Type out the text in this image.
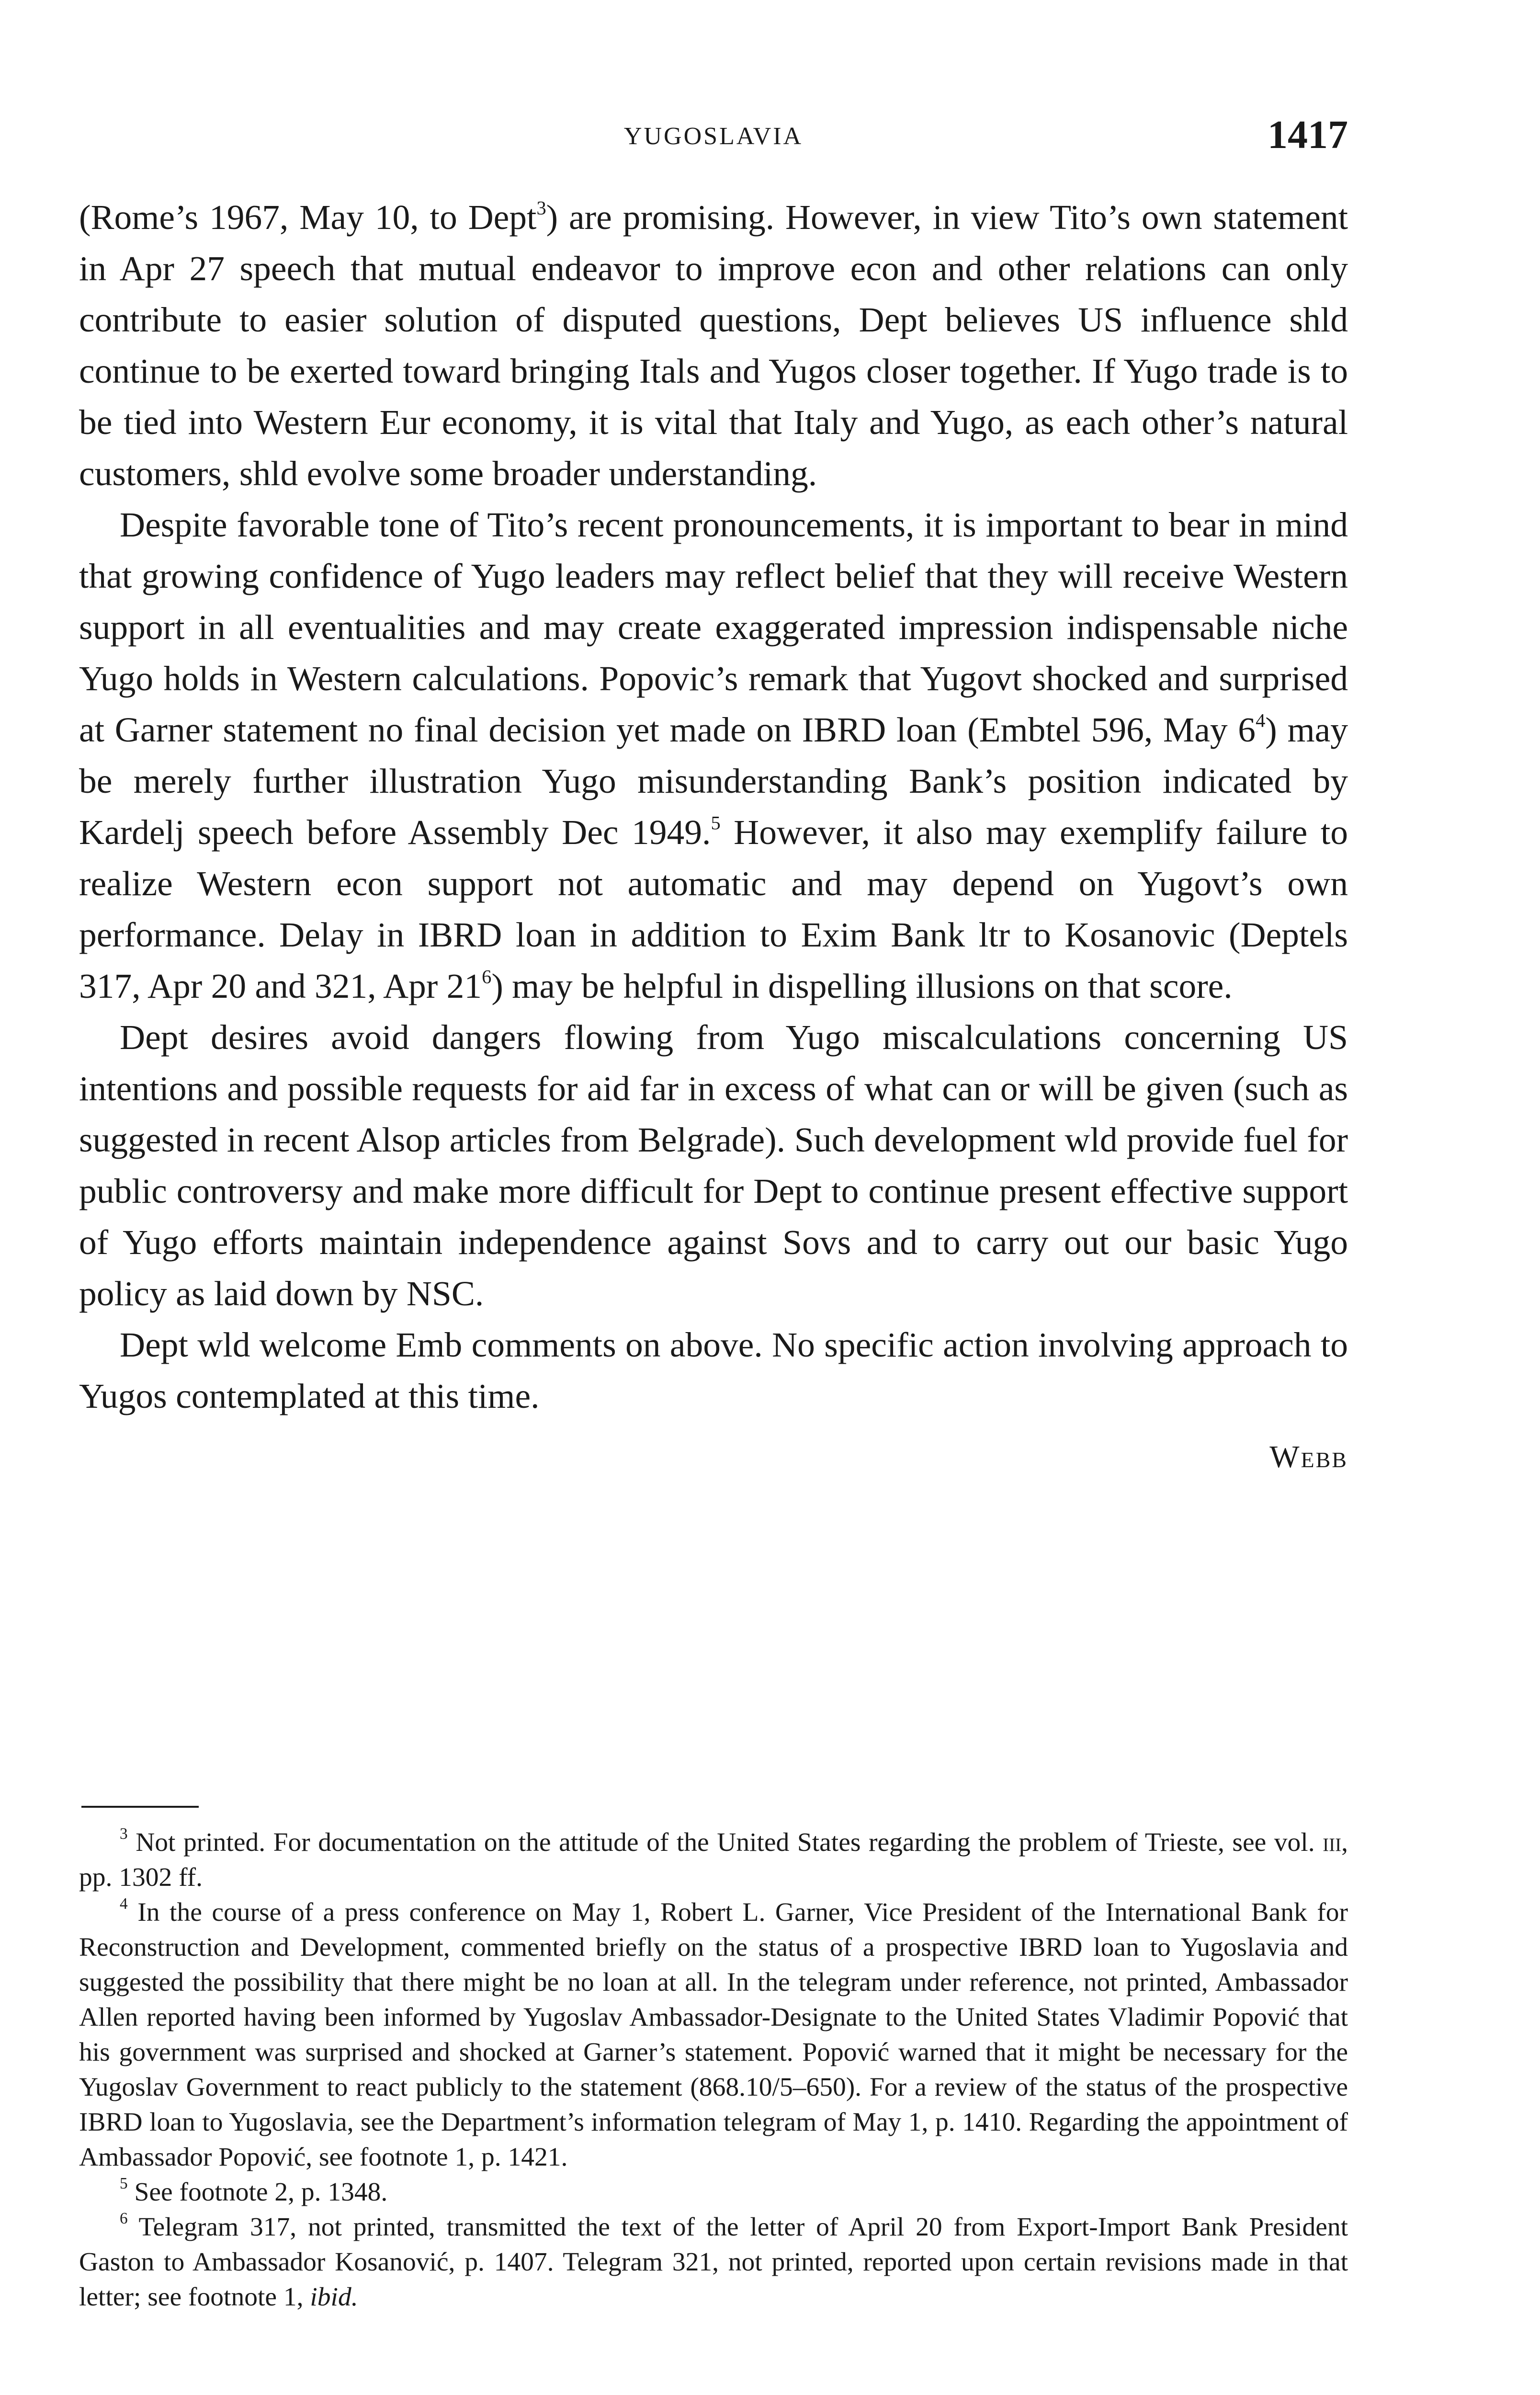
YUGOSLAVIA	1417

(Rome’s 1967, May 10, to Dept$^3$) are promising. However, in view Tito’s own statement in Apr 27 speech that mutual endeavor to improve econ and other relations can only contribute to easier solution of disputed questions, Dept believes US influence shld continue to be exerted toward bringing Itals and Yugos closer together. If Yugo trade is to be tied into Western Eur economy, it is vital that Italy and Yugo, as each other’s natural customers, shld evolve some broader understanding.

Despite favorable tone of Tito’s recent pronouncements, it is important to bear in mind that growing confidence of Yugo leaders may reflect belief that they will receive Western support in all eventualities and may create exaggerated impression indispensable niche Yugo holds in Western calculations. Popovic’s remark that Yugovt shocked and surprised at Garner statement no final decision yet made on IBRD loan (Embtel 596, May $6^4$) may be merely further illustration Yugo misunderstanding Bank’s position indicated by Kardelj speech before Assembly Dec 1949.$^5$ However, it also may exemplify failure to realize Western econ support not automatic and may depend on Yugovt’s own performance. Delay in IBRD loan in addition to Exim Bank ltr to Kosanovic (Deptels 317, Apr 20 and 321, Apr $21^6$) may be helpful in dispelling illusions on that score.

Dept desires avoid dangers flowing from Yugo miscalculations concerning US intentions and possible requests for aid far in excess of what can or will be given (such as suggested in recent Alsop articles from Belgrade). Such development wld provide fuel for public controversy and make more difficult for Dept to continue present effective support of Yugo efforts maintain independence against Sovs and to carry out our basic Yugo policy as laid down by NSC.

Dept wld welcome Emb comments on above. No specific action involving approach to Yugos contemplated at this time.

Webb

$^3$ Not printed. For documentation on the attitude of the United States regarding the problem of Trieste, see vol. iii, pp. 1302 ff.

$^4$ In the course of a press conference on May 1, Robert L. Garner, Vice President of the International Bank for Reconstruction and Development, commented briefly on the status of a prospective IBRD loan to Yugoslavia and suggested the possibility that there might be no loan at all. In the telegram under reference, not printed, Ambassador Allen reported having been informed by Yugoslav Ambassador-Designate to the United States Vladimir Popović that his government was surprised and shocked at Garner’s statement. Popović warned that it might be necessary for the Yugoslav Government to react publicly to the statement (868.10/5–650). For a review of the status of the prospective IBRD loan to Yugoslavia, see the Department’s information telegram of May 1, p. 1410. Regarding the appointment of Ambassador Popović, see footnote 1, p. 1421.

$^5$ See footnote 2, p. 1348.

$^6$ Telegram 317, not printed, transmitted the text of the letter of April 20 from Export-Import Bank President Gaston to Ambassador Kosanović, p. 1407. Telegram 321, not printed, reported upon certain revisions made in that letter; see footnote 1, ibid.
